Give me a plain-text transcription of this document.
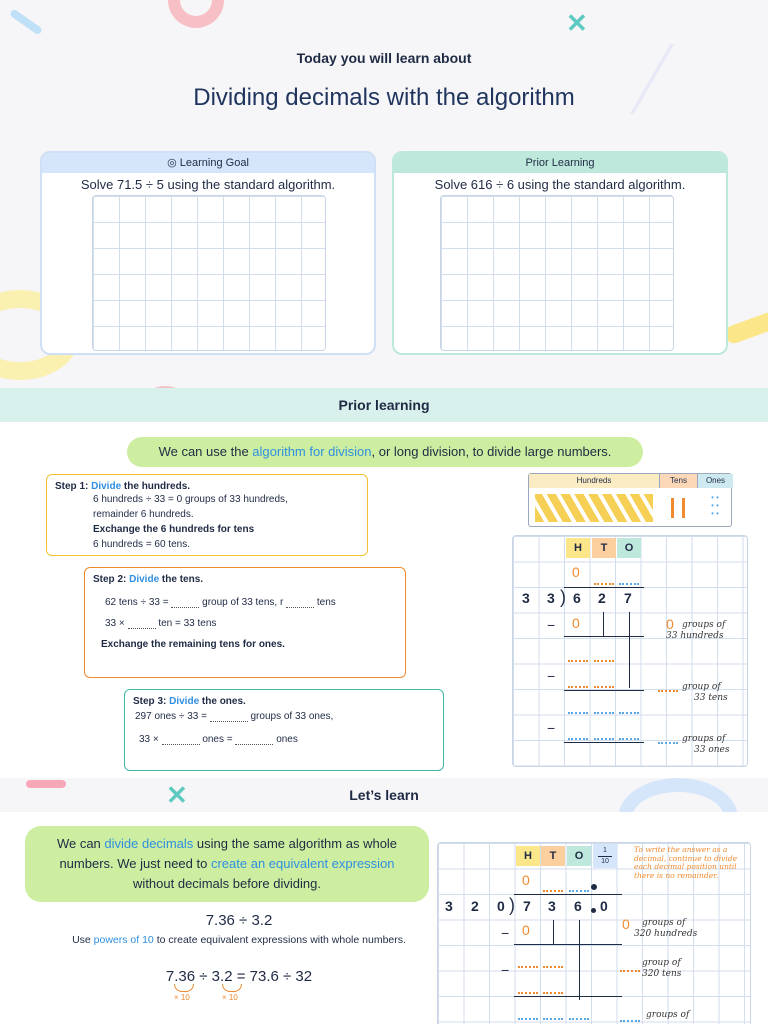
✕
Today you will learn about
Dividing decimals with the algorithm
◎ Learning Goal
Solve 71.5 ÷ 5 using the standard algorithm.
Prior Learning
Solve 616 ÷ 6 using the standard algorithm.
Prior learning
We can use the algorithm for division, or long division, to divide large numbers.
Step 1: Divide the hundreds.
6 hundreds ÷ 33 = 0 groups of 33 hundreds,
remainder 6 hundreds.
Exchange the 6 hundreds for tens
6 hundreds = 60 tens.
Step 2: Divide the tens.
62 tens ÷ 33 =	group of 33 tens, r	tens
33 ×	ten = 33 tens
Exchange the remaining tens for ones.
Step 3: Divide the ones.
297 ones ÷ 33 =	groups of 33 ones,
33 ×	ones =	ones
Hundreds	Tens	Ones
• •
• •
• •
H	T	O
0
3 3 ) 6 2 7
− 0
−
−
0 groups of
33 hundreds
group of
33 tens
groups of
33 ones
✕	Let’s learn
We can divide decimals using the same algorithm as whole numbers. We just need to create an equivalent expression without decimals before dividing.
7.36 ÷ 3.2
Use powers of 10 to create equivalent expressions with whole numbers.
7.36 ÷ 3.2 = 73.6 ÷ 32
× 10	× 10
H	T	O	1
10
0
3 2 0 ) 7 3 6 0
− 0
−
To write the answer as a decimal, continue to divide each decimal position until there is no remainder.
0	groups of
320 hundreds
group of
320 tens
groups of
